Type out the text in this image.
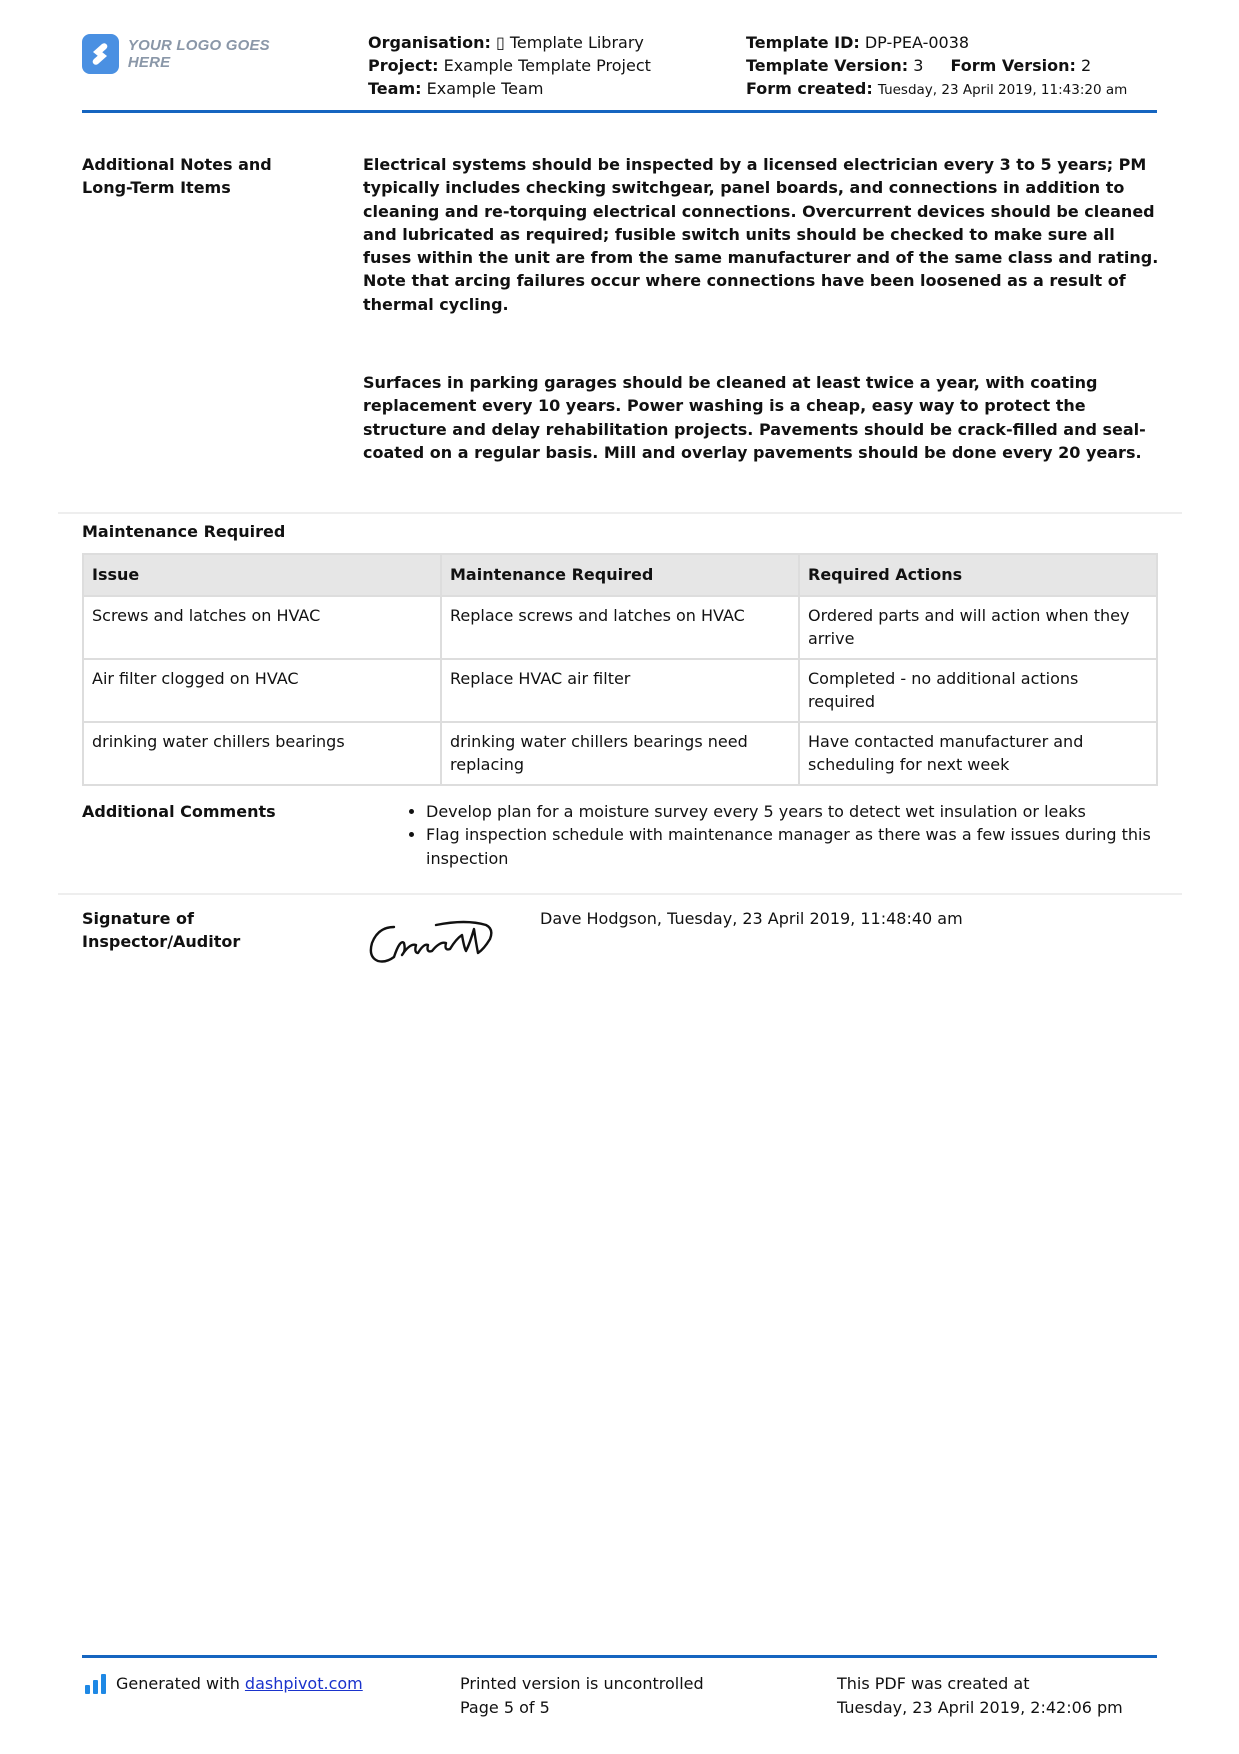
YOUR LOGO GOES HERE
Organisation: ▯ Template Library
Project: Example Template Project
Team: Example Team
Template ID: DP-PEA-0038
Template Version: 3 Form Version: 2
Form created: Tuesday, 23 April 2019, 11:43:20 am
Additional Notes and
Long-Term Items

Electrical systems should be inspected by a licensed electrician every 3 to 5 years; PM typically includes checking switchgear, panel boards, and connections in addition to cleaning and re-torquing electrical connections. Overcurrent devices should be cleaned and lubricated as required; fusible switch units should be checked to make sure all fuses within the unit are from the same manufacturer and of the same class and rating. Note that arcing failures occur where connections have been loosened as a result of thermal cycling.

Surfaces in parking garages should be cleaned at least twice a year, with coating replacement every 10 years. Power washing is a cheap, easy way to protect the structure and delay rehabilitation projects. Pavements should be crack-filled and seal-coated on a regular basis. Mill and overlay pavements should be done every 20 years.

Maintenance Required
Issue	Maintenance Required	Required Actions
Screws and latches on HVAC	Replace screws and latches on HVAC	Ordered parts and will action when they arrive
Air filter clogged on HVAC	Replace HVAC air filter	Completed - no additional actions required
drinking water chillers bearings	drinking water chillers bearings need replacing	Have contacted manufacturer and scheduling for next week
Additional Comments	• Develop plan for a moisture survey every 5 years to detect wet insulation or leaks
• Flag inspection schedule with maintenance manager as there was a few issues during this inspection
Signature of
Inspector/Auditor
Dave Hodgson, Tuesday, 23 April 2019, 11:48:40 am
Generated with dashpivot.com	Printed version is uncontrolled
Page 5 of 5
This PDF was created at
Tuesday, 23 April 2019, 2:42:06 pm
